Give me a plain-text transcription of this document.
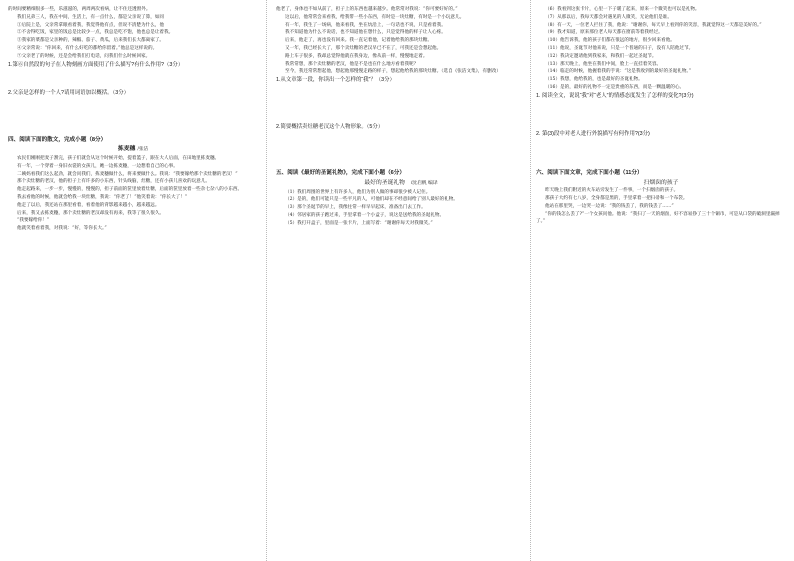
的时间要精细很多一些，乐滋滋的，两周两次看病，让不住还透窗外。

我们兄弟三人，我在中间，生活上，有一点什么，都是父亲说了算，如同

①后院上是，父亲常拿眼看着我，我觉得他有点，但说不清楚为什么，他

②不舍得吃饭，家里的饭总是比较少一点，我总是吃不饱，他也总是让着我。

③我家的菜都是父亲种的，辣椒、茄子、黄瓜，后来我们长大都离家了。

④父亲常说：“你回来，有什么好吃的都给你留着。”他总是这样说的。

⑦父亲老了的时候，还是会给我们打电话，问我们什么时候回家。

1.第⑥自然段的句子在人物刻画方面使用了什么描写?有什么作用?（3分）

2.父亲是怎样的一个人?请用词语加以概括。（3分）

四、阅读下面的散文，完成小题（8分）

拣麦穗 /张洁

农民们刚刚把麦子割完，孩子们就会从这个时候开始，提着篮子，跟在大人后面，在田地里拣麦穗。

有一年，一个穿着一身旧衣裳的女孩儿，她一边拣麦穗，一边想着自己的心事。

二姨妈看我们这么起劲，就会问我们，拣麦穗做什么，将来要做什么。我说：“我要嫁给那个卖灶糖的老汉！”

那个卖灶糖的老汉，他的担子上有许多的小东西，针头线脑，灶糖，还有小孩儿喜欢的玩意儿。

他走起路来，一步一步，慢慢的，慢慢的，担子前面的筐里放着灶糖，后面的筐里放着一些杂七杂八的小东西。

我去看他的时候，他就会给我一块灶糖，我说：“你老了！”他笑着说：“你长大了！”

他走了以后，我还站在那里看着，看着他的背影越来越小，越来越远。

后来，我又去拣麦穗，那个卖灶糖的老汉却没有再来，我等了很久很久。

“我要嫁给你！”

他就笑着看着我，对我说：“好，等你长大。”

他老了，身体也不如从前了，担子上的东西也越来越少。他常常对我说：“你可要好好的。”

这以后，他常常会来看我，给我带一些小东西，有时是一块灶糖，有时是一个小玩意儿。

有一年，我生了一场病，他来看我，坐在炕沿上，一句话也不说，只是看着我。

我不知道他为什么不说话，也不知道他在想什么，只是觉得他的样子让人心疼。

后来，他走了，再也没有回来。我一直记着他，记着他给我的那块灶糖。

又一年，我已经长大了，那个卖灶糖的老汉早已不在了，可我还是会想起他。

路上车子很多，我却总觉得他就在我身边，像从前一样，慢慢地走着。

我常常想，那个卖灶糖的老汉，他是不是也在什么地方看着我呢？

至今，我还常常想起他，想起他那慢慢走路的样子，想起他给我的那块灶糖。（选自《张洁文集》，有删改）

1.从文章第一段，你读出一个怎样的“我”？（3分）

2.简要概括卖灶糖老汉这个人物形象。（5分）

五、阅读《最好的圣诞礼物》，完成下面小题（6分）

最好的圣诞礼物 /沈启帆 编译

（1）我们周围的世界上有许多人，他们为别人做的事却很少被人记住。

（2）是的，他们可能只是一些平凡的人，可他们却在不经意间给了别人最好的礼物。

（3）那个圣诞节的早上，我像往常一样早早起床，准备出门去工作。

（4）邻居家的孩子跑过来，手里拿着一个小盒子，说这是送给我的圣诞礼物。

（5）我打开盒子，里面是一张卡片，上面写着：“谢谢你每天对我微笑。”

（6）我看到这张卡片，心里一下子暖了起来，原来一个微笑也可以是礼物。

（7）从那以后，我每天都会对遇见的人微笑，无论他们是谁。

（8）有一天，一位老人拦住了我，他说：“谢谢你，每天早上看到你的笑容，我就觉得这一天都是美好的。”

（9）我才知道，原来那位老人每天都在窗前等着我经过。

（10）他告诉我，他的孩子们都在很远的地方，很少回来看他。

（11）他说，圣诞节对他来说，只是一个普通的日子，没有人陪他过节。

（12）我决定邀请他到我家来，和我们一起过圣诞节。

（13）那天晚上，他坐在我们中间，脸上一直挂着笑容。

（14）临走的时候，他握着我的手说：“这是我收到的最好的圣诞礼物。”

（15）我想，他给我的，也是最好的圣诞礼物。

（16）是的，最好的礼物不一定是贵重的东西，而是一颗温暖的心。

1. 阅读全文，说说“我”对“老人”的情感态度发生了怎样的变化?(3分)

2. 第(3)段中对老人进行外貌描写有何作用?(3分)

六、阅读下面文章，完成下面小题（11分）

扫烟囱的孩子

昨天晚上我们附近的火车站旁发生了一件事，一个扫烟囱的孩子。

那孩子大约有七八岁，全身都是黑的，手里拿着一把扫帚和一个布袋。

他站在那里哭，一边哭一边说：“我的钱丢了，我的钱丢了……”

“你的钱怎么丢了?”一个女孩问他。他说：“我扫了一天的烟囱，好不容易挣了三十个铜币，可是从口袋的破洞里漏掉了。”
